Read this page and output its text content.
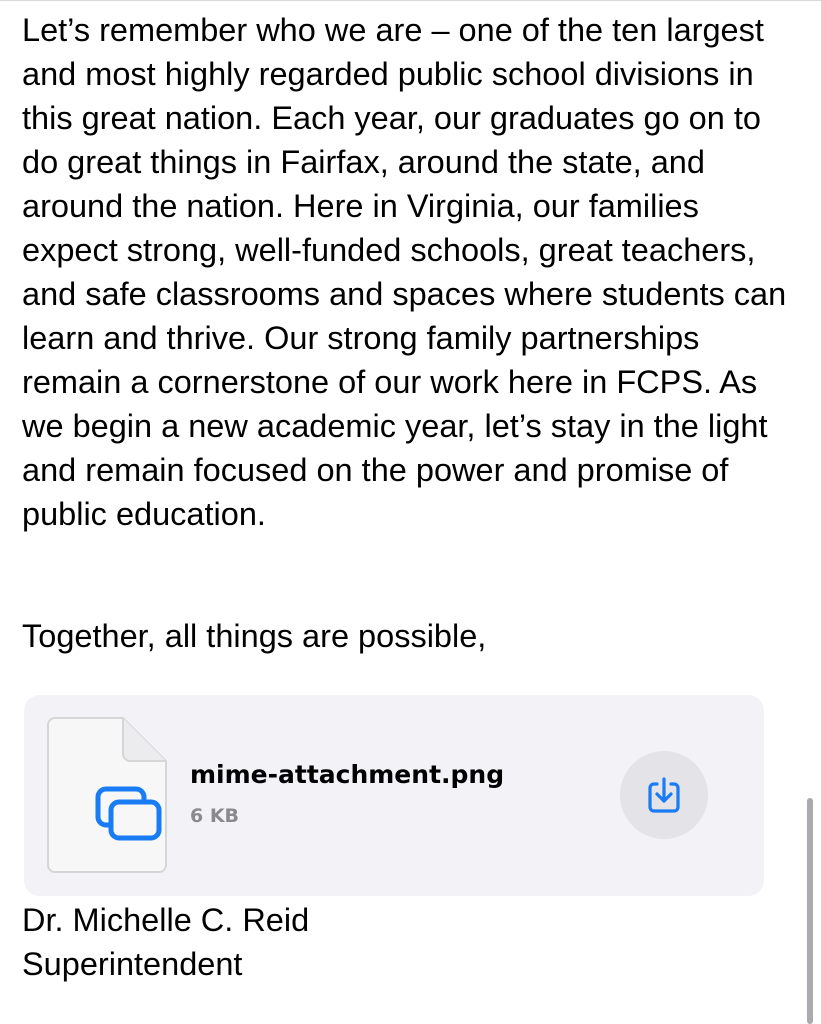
Let’s remember who we are – one of the ten largest and most highly regarded public school divisions in this great nation. Each year, our graduates go on to do great things in Fairfax, around the state, and around the nation. Here in Virginia, our families expect strong, well-funded schools, great teachers, and safe classrooms and spaces where students can learn and thrive. Our strong family partnerships remain a cornerstone of our work here in FCPS. As we begin a new academic year, let’s stay in the light and remain focused on the power and promise of public education.

Together, all things are possible,

mime-attachment.png
6 KB
Dr. Michelle C. Reid
Superintendent
